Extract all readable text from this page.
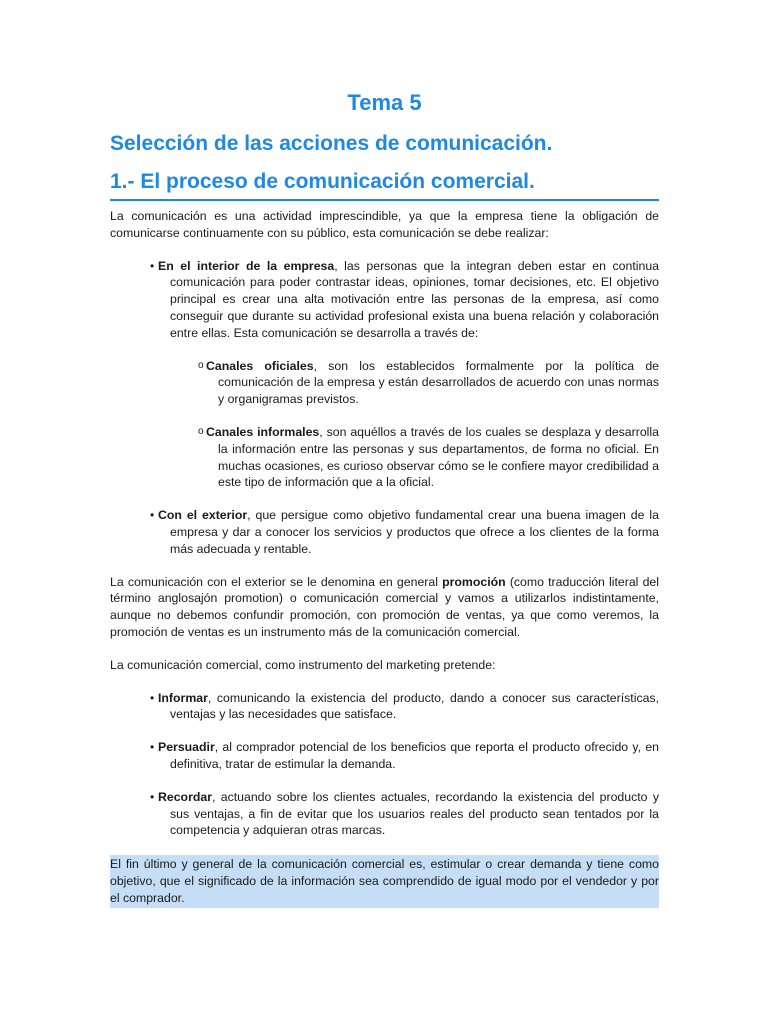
Tema 5
Selección de las acciones de comunicación.
1.- El proceso de comunicación comercial.

La comunicación es una actividad imprescindible, ya que la empresa tiene la obligación de comunicarse continuamente con su público, esta comunicación se debe realizar:

• En el interior de la empresa, las personas que la integran deben estar en continua comunicación para poder contrastar ideas, opiniones, tomar decisiones, etc. El objetivo principal es crear una alta motivación entre las personas de la empresa, así como conseguir que durante su actividad profesional exista una buena relación y colaboración entre ellas. Esta comunicación se desarrolla a través de:
o Canales oficiales, son los establecidos formalmente por la política de comunicación de la empresa y están desarrollados de acuerdo con unas normas y organigramas previstos.
o Canales informales, son aquéllos a través de los cuales se desplaza y desarrolla la información entre las personas y sus departamentos, de forma no oficial. En muchas ocasiones, es curioso observar cómo se le confiere mayor credibilidad a este tipo de información que a la oficial.
• Con el exterior, que persigue como objetivo fundamental crear una buena imagen de la empresa y dar a conocer los servicios y productos que ofrece a los clientes de la forma más adecuada y rentable.

La comunicación con el exterior se le denomina en general promoción (como traducción literal del término anglosajón promotion) o comunicación comercial y vamos a utilizarlos indistintamente, aunque no debemos confundir promoción, con promoción de ventas, ya que como veremos, la promoción de ventas es un instrumento más de la comunicación comercial.

La comunicación comercial, como instrumento del marketing pretende:

• Informar, comunicando la existencia del producto, dando a conocer sus características, ventajas y las necesidades que satisface.
• Persuadir, al comprador potencial de los beneficios que reporta el producto ofrecido y, en definitiva, tratar de estimular la demanda.
• Recordar, actuando sobre los clientes actuales, recordando la existencia del producto y sus ventajas, a fin de evitar que los usuarios reales del producto sean tentados por la competencia y adquieran otras marcas.

El fin último y general de la comunicación comercial es, estimular o crear demanda y tiene como objetivo, que el significado de la información sea comprendido de igual modo por el vendedor y por el comprador.
